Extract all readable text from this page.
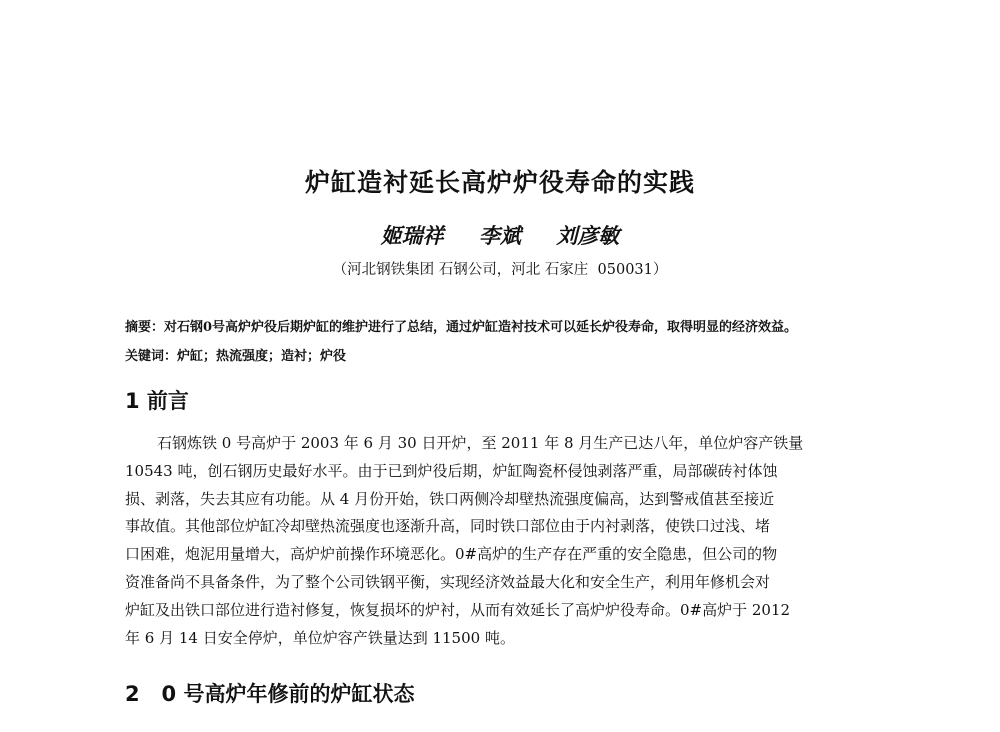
炉缸造衬延长高炉炉役寿命的实践
姬瑞祥 李斌 刘彦敏
（河北钢铁集团 石钢公司，河北 石家庄  050031）
摘要：对石钢0号高炉炉役后期炉缸的维护进行了总结，通过炉缸造衬技术可以延长炉役寿命，取得明显的经济效益。
关键词：炉缸；热流强度；造衬；炉役
1 前言
石钢炼铁 0 号高炉于 2003 年 6 月 30 日开炉，至 2011 年 8 月生产已达八年，单位炉容产铁量
10543 吨，创石钢历史最好水平。由于已到炉役后期，炉缸陶瓷杯侵蚀剥落严重，局部碳砖衬体蚀
损、剥落，失去其应有功能。从 4 月份开始，铁口两侧冷却壁热流强度偏高，达到警戒值甚至接近
事故值。其他部位炉缸冷却壁热流强度也逐渐升高，同时铁口部位由于内衬剥落，使铁口过浅、堵
口困难，炮泥用量增大，高炉炉前操作环境恶化。0#高炉的生产存在严重的安全隐患，但公司的物
资准备尚不具备条件，为了整个公司铁钢平衡，实现经济效益最大化和安全生产，利用年修机会对
炉缸及出铁口部位进行造衬修复，恢复损坏的炉衬，从而有效延长了高炉炉役寿命。0#高炉于 2012
年 6 月 14 日安全停炉，单位炉容产铁量达到 11500 吨。
2   0 号高炉年修前的炉缸状态
